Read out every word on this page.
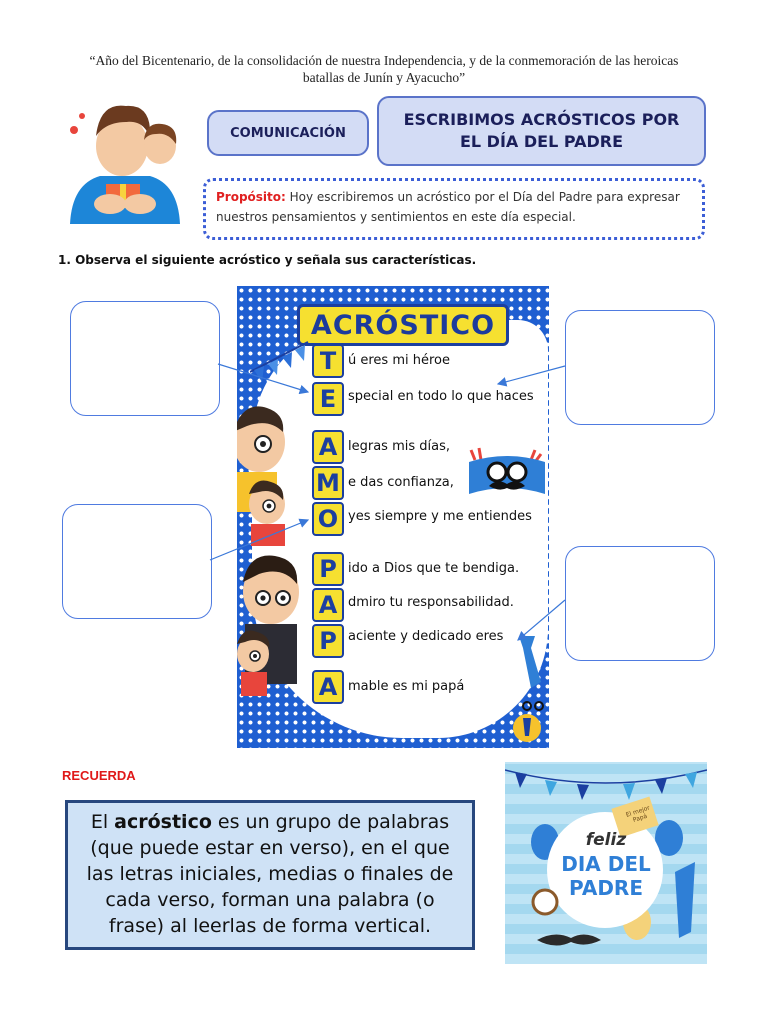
“Año del Bicentenario, de la consolidación de nuestra Independencia, y de la conmemoración de las heroicas
batallas de Junín y Ayacucho”
COMUNICACIÓN
ESCRIBIMOS ACRÓSTICOS POR EL DÍA DEL PADRE
Propósito: Hoy escribiremos un acróstico por el Día del Padre para expresar nuestros pensamientos y sentimientos en este día especial.
1. Observa el siguiente acróstico y señala sus características.
ACRÓSTICO
T
E
A
M
O
P
A
P
A
ú eres mi héroe
special en todo lo que haces
legras mis días,
e das confianza,
yes siempre y me entiendes
ido a Dios que te bendiga.
dmiro tu responsabilidad.
aciente y dedicado eres
mable es mi papá
RECUERDA
El acróstico es un grupo de palabras (que puede estar en verso), en el que las letras iniciales, medias o finales de cada verso, forman una palabra (o frase) al leerlas de forma vertical.
El mejor Papá
feliz
DIA DEL
PADRE
